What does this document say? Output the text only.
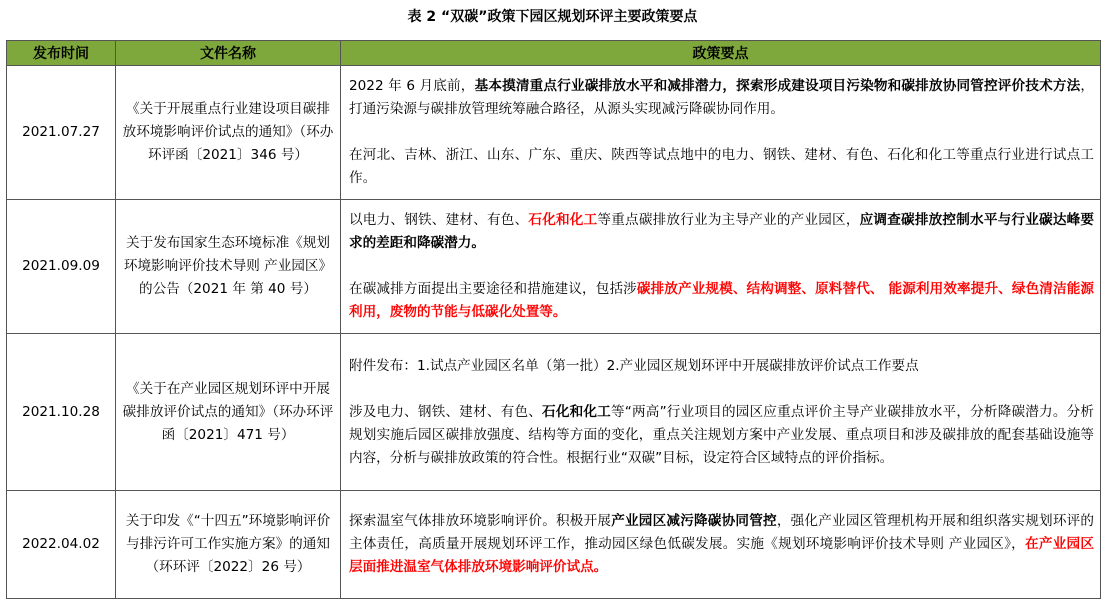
表 2 “双碳”政策下园区规划环评主要政策要点
发布时间	文件名称	政策要点
2021.07.27	《关于开展重点行业建设项目碳排放环境影响评价试点的通知》（环办环评函〔2021〕346 号）	2022 年 6 月底前，基本摸清重点行业碳排放水平和减排潜力，探索形成建设项目污染物和碳排放协同管控评价技术方法，打通污染源与碳排放管理统筹融合路径，从源头实现减污降碳协同作用。

在河北、吉林、浙江、山东、广东、重庆、陕西等试点地中的电力、钢铁、建材、有色、石化和化工等重点行业进行试点工作。

2021.09.09	关于发布国家生态环境标准《规划环境影响评价技术导则 产业园区》的公告（2021 年 第 40 号）	以电力、钢铁、建材、有色、石化和化工等重点碳排放行业为主导产业的产业园区，应调查碳排放控制水平与行业碳达峰要求的差距和降碳潜力。

在碳减排方面提出主要途径和措施建议，包括涉碳排放产业规模、结构调整、原料替代、 能源利用效率提升、绿色清洁能源利用，废物的节能与低碳化处置等。

2021.10.28	《关于在产业园区规划环评中开展碳排放评价试点的通知》（环办环评函〔2021〕471 号）	附件发布：1.试点产业园区名单（第一批）2.产业园区规划环评中开展碳排放评价试点工作要点

涉及电力、钢铁、建材、有色、石化和化工等“两高”行业项目的园区应重点评价主导产业碳排放水平，分析降碳潜力。分析规划实施后园区碳排放强度、结构等方面的变化，重点关注规划方案中产业发展、重点项目和涉及碳排放的配套基础设施等内容，分析与碳排放政策的符合性。根据行业“双碳”目标，设定符合区域特点的评价指标。

2022.04.02	关于印发《“十四五”环境影响评价与排污许可工作实施方案》的通知（环环评〔2022〕26 号）	探索温室气体排放环境影响评价。积极开展产业园区减污降碳协同管控，强化产业园区管理机构开展和组织落实规划环评的主体责任，高质量开展规划环评工作，推动园区绿色低碳发展。实施《规划环境影响评价技术导则 产业园区》，在产业园区层面推进温室气体排放环境影响评价试点。
